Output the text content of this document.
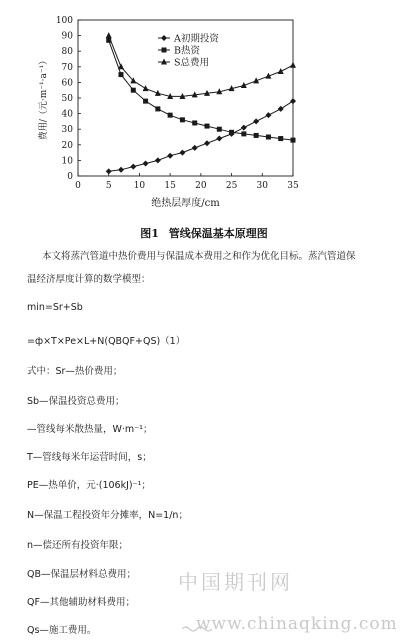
0	5 10 15 20 25 30 35
0
10
20
30
40
50
60
70
80
90
100
绝热层厚度/cm
费用/（元·m⁻¹·a⁻¹）
A初期投资
B热资
S总费用
图1 管线保温基本原理图
本文将蒸汽管道中热价费用与保温成本费用之和作为优化目标。蒸汽管道保
温经济厚度计算的数学模型：
min=Sr+Sb
=ф×T×Pe×L+N(QBQF+QS)（1）
式中：Sr—热价费用；
Sb—保温投资总费用；
—管线每米散热量，W·m⁻¹；
T—管线每米年运营时间，s；
PE—热单价，元·(106kJ)⁻¹；
N—保温工程投资年分摊率，N=1/n；
n—偿还所有投资年限；
QB—保温层材料总费用；
QF—其他辅助材料费用；
Qs—施工费用。
中国期刊网
www.chinaqking.com
